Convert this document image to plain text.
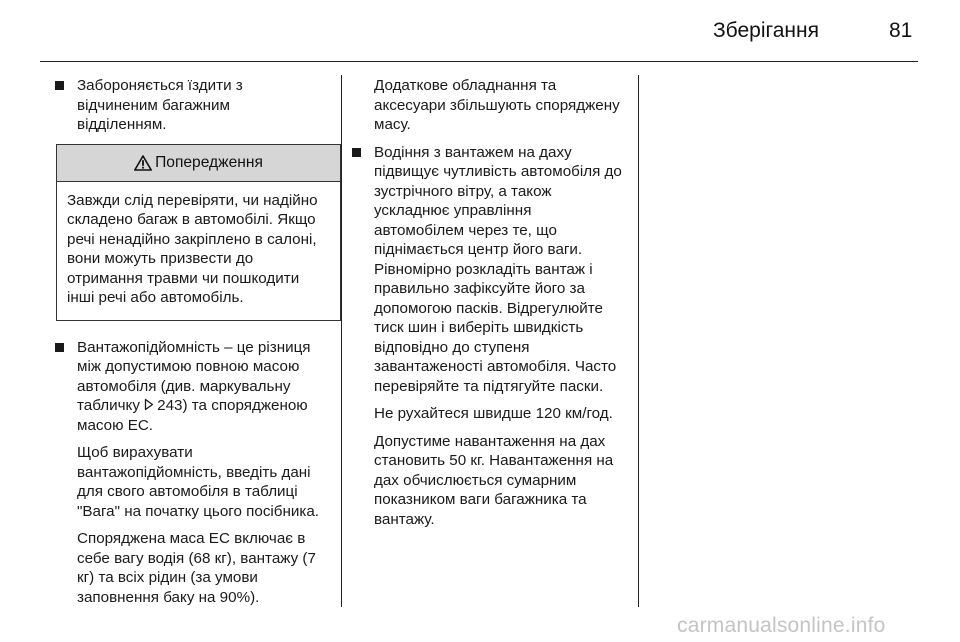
Зберігання	81

Забороняється їздити з відчиненим багажним відділенням.

Попередження

Завжди слід перевіряти, чи надійно складено багаж в автомобілі. Якщо речі ненадійно закріплено в салоні, вони можуть призвести до отримання травми чи пошкодити інші речі або автомобіль.

Вантажопідйомність – це різниця між допустимою повною масою автомобіля (див. маркувальну табличку 243) та спорядженою масою ЕС.

Щоб вирахувати вантажопідйомність, введіть дані для свого автомобіля в таблиці "Вага" на початку цього посібника.

Споряджена маса ЕС включає в себе вагу водія (68 кг), вантажу (7 кг) та всіх рідин (за умови заповнення баку на 90%).

Додаткове обладнання та аксесуари збільшують споряджену масу.

Водіння з вантажем на даху підвищує чутливість автомобіля до зустрічного вітру, а також ускладнює управління автомобілем через те, що піднімається центр його ваги. Рівномірно розкладіть вантаж і правильно зафіксуйте його за допомогою пасків. Відрегулюйте тиск шин і виберіть швидкість відповідно до ступеня завантаженості автомобіля. Часто перевіряйте та підтягуйте паски.

Не рухайтеся швидше 120 км/год.

Допустиме навантаження на дах становить 50 кг. Навантаження на дах обчислюється сумарним показником ваги багажника та вантажу.

carmanualsonline.info
